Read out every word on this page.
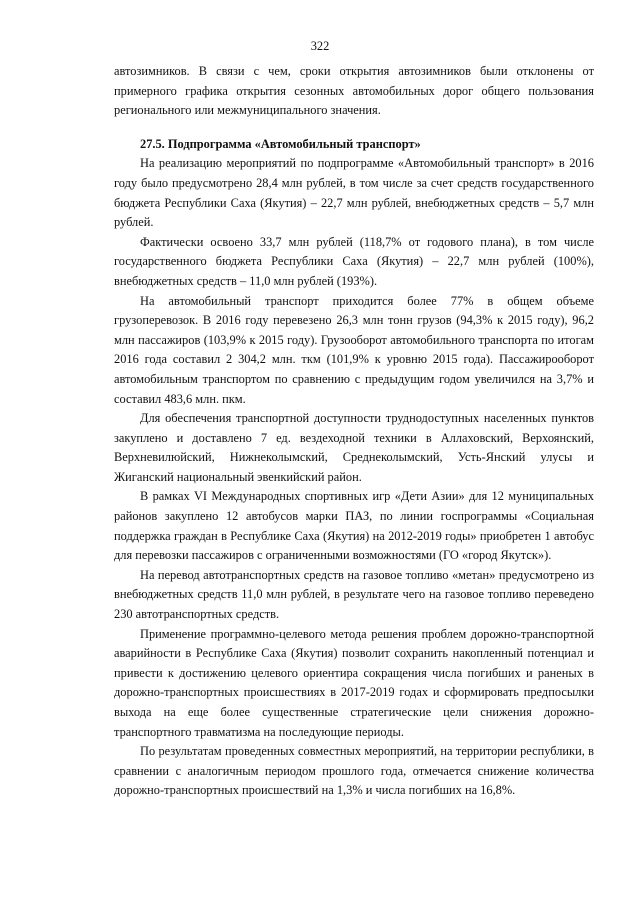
322

автозимников. В связи с чем, сроки открытия автозимников были отклонены от примерного графика открытия сезонных автомобильных дорог общего пользования регионального или межмуниципального значения.

27.5. Подпрограмма «Автомобильный транспорт»

На реализацию мероприятий по подпрограмме «Автомобильный транспорт» в 2016 году было предусмотрено 28,4 млн рублей, в том числе за счет средств государственного бюджета Республики Саха (Якутия) – 22,7 млн рублей, внебюджетных средств – 5,7 млн рублей.

Фактически освоено 33,7 млн рублей (118,7% от годового плана), в том числе государственного бюджета Республики Саха (Якутия) – 22,7 млн рублей (100%), внебюджетных средств – 11,0 млн рублей (193%).

На автомобильный транспорт приходится более 77% в общем объеме грузоперевозок. В 2016 году перевезено 26,3 млн тонн грузов (94,3% к 2015 году), 96,2 млн пассажиров (103,9% к 2015 году). Грузооборот автомобильного транспорта по итогам 2016 года составил 2 304,2 млн. ткм (101,9% к уровню 2015 года). Пассажирооборот автомобильным транспортом по сравнению с предыдущим годом увеличился на 3,7% и составил 483,6 млн. пкм.

Для обеспечения транспортной доступности труднодоступных населенных пунктов закуплено и доставлено 7 ед. вездеходной техники в Аллаховский, Верхоянский, Верхневилюйский, Нижнеколымский, Среднеколымский, Усть-Янский улусы и Жиганский национальный эвенкийский район.

В рамках VI Международных спортивных игр «Дети Азии» для 12 муниципальных районов закуплено 12 автобусов марки ПАЗ, по линии госпрограммы «Социальная поддержка граждан в Республике Саха (Якутия) на 2012-2019 годы» приобретен 1 автобус для перевозки пассажиров с ограниченными возможностями (ГО «город Якутск»).

На перевод автотранспортных средств на газовое топливо «метан» предусмотрено из внебюджетных средств 11,0 млн рублей, в результате чего на газовое топливо переведено 230 автотранспортных средств.

Применение программно-целевого метода решения проблем дорожно-транспортной аварийности в Республике Саха (Якутия) позволит сохранить накопленный потенциал и привести к достижению целевого ориентира сокращения числа погибших и раненых в дорожно-транспортных происшествиях в 2017-2019 годах и сформировать предпосылки выхода на еще более существенные стратегические цели снижения дорожно-транспортного травматизма на последующие периоды.

По результатам проведенных совместных мероприятий, на территории республики, в сравнении с аналогичным периодом прошлого года, отмечается снижение количества дорожно-транспортных происшествий на 1,3% и числа погибших на 16,8%.
